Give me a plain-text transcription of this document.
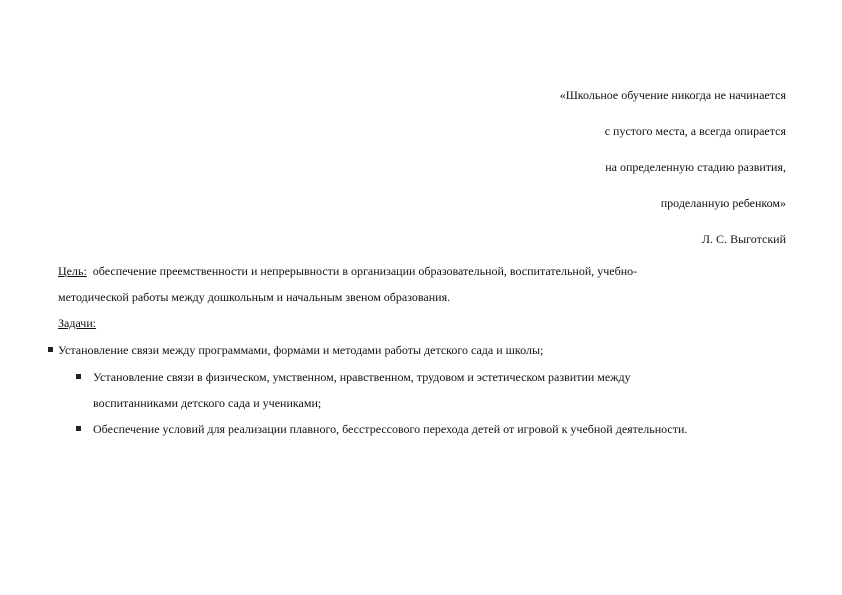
«Школьное обучение никогда не начинается
с пустого места, а всегда опирается
на определенную стадию развития,
проделанную ребенком»
Л. С. Выготский
Цель:  обеспечение преемственности и непрерывности в организации образовательной, воспитательной, учебно-
методической работы между дошкольным и начальным звеном образования.
Задачи:
Установление связи между программами, формами и методами работы детского сада и школы;
Установление связи в физическом, умственном, нравственном, трудовом и эстетическом развитии между
воспитанниками детского сада и учениками;
Обеспечение условий для реализации плавного, бесстрессового перехода детей от игровой к учебной деятельности.
